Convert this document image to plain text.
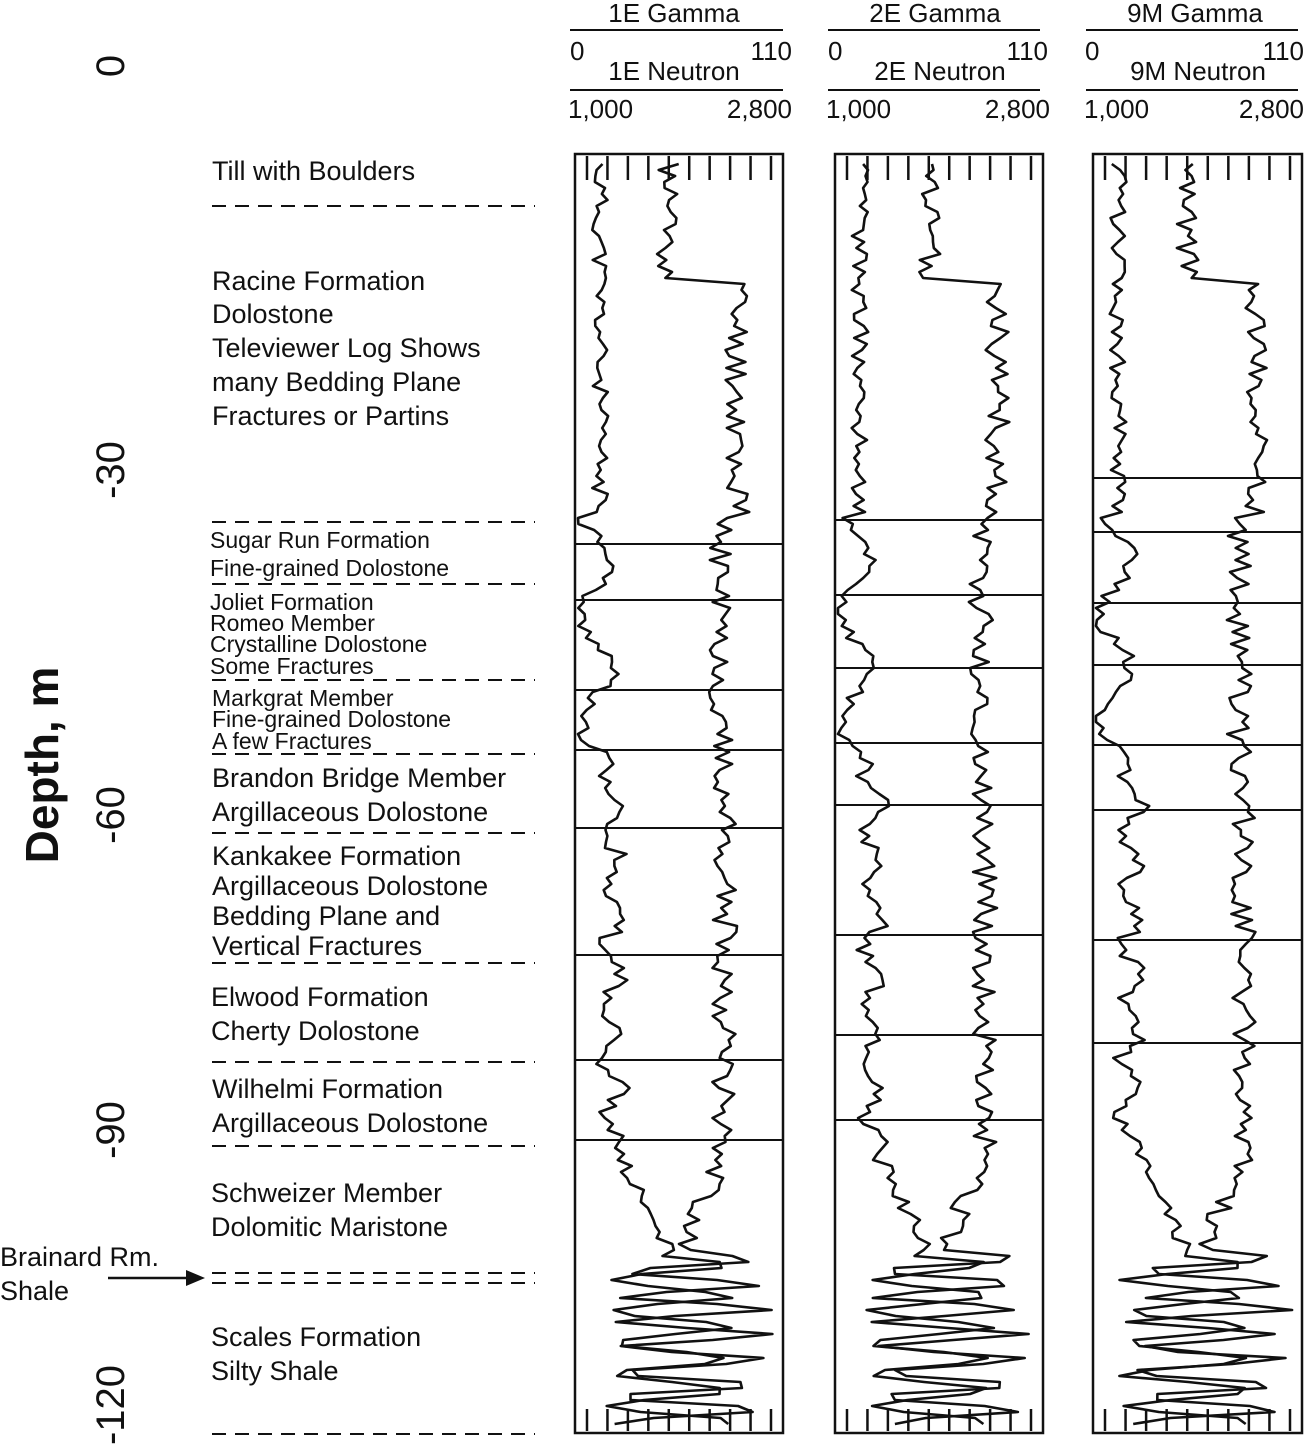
Depth, m
0
-30
-60
-90
-120
1E Gamma
0	110
1E Neutron
1,000	2,800
2E Gamma
0	110
2E Neutron
1,000	2,800
9M Gamma
0	110
9M Neutron
1,000	2,800
Till with Boulders
Racine Formation Dolostone Televiewer Log Shows many Bedding Plane Fractures or Partins
Sugar Run Formation Fine-grained Dolostone
Joliet Formation Romeo Member Crystalline Dolostone Some Fractures
Markgrat Member Fine-grained Dolostone A few Fractures
Brandon Bridge Member Argillaceous Dolostone
Kankakee Formation Argillaceous Dolostone Bedding Plane and Vertical Fractures
Elwood Formation Cherty Dolostone
Wilhelmi Formation Argillaceous Dolostone
Schweizer Member Dolomitic Maristone
Scales Formation Silty Shale
Brainard Rm. Shale
